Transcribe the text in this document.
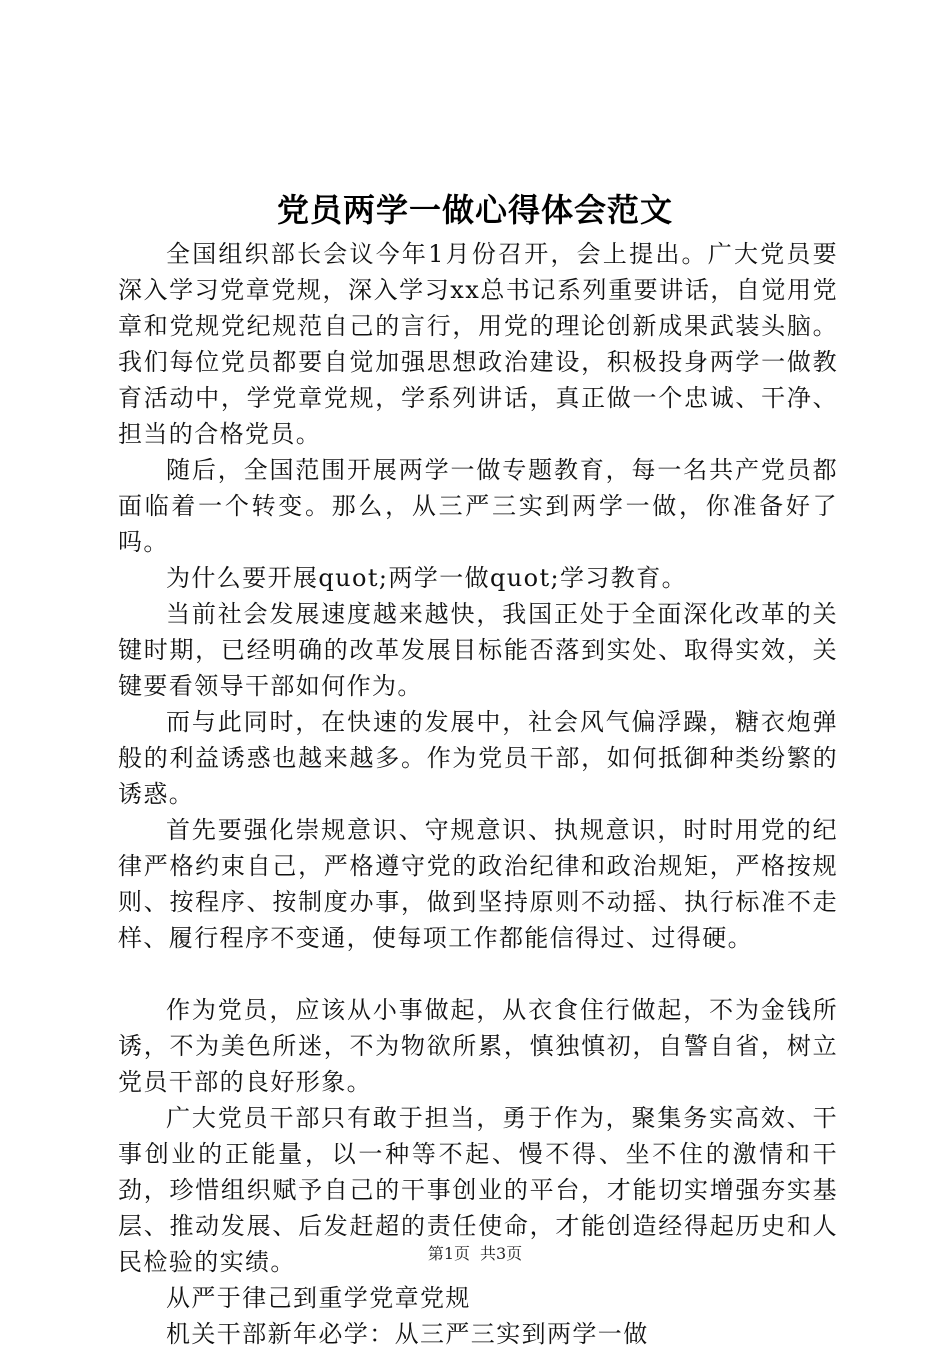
党员两学一做心得体会范文

全国组织部长会议今年1月份召开，会上提出。广大党员要深入学习党章党规，深入学习xx总书记系列重要讲话，自觉用党章和党规党纪规范自己的言行，用党的理论创新成果武装头脑。我们每位党员都要自觉加强思想政治建设，积极投身两学一做教育活动中，学党章党规，学系列讲话，真正做一个忠诚、干净、担当的合格党员。

随后，全国范围开展两学一做专题教育，每一名共产党员都面临着一个转变。那么，从三严三实到两学一做，你准备好了吗。

为什么要开展quot;两学一做quot;学习教育。

当前社会发展速度越来越快，我国正处于全面深化改革的关键时期，已经明确的改革发展目标能否落到实处、取得实效，关键要看领导干部如何作为。

而与此同时，在快速的发展中，社会风气偏浮躁，糖衣炮弹般的利益诱惑也越来越多。作为党员干部，如何抵御种类纷繁的诱惑。

首先要强化崇规意识、守规意识、执规意识，时时用党的纪律严格约束自己，严格遵守党的政治纪律和政治规矩，严格按规则、按程序、按制度办事，做到坚持原则不动摇、执行标准不走样、履行程序不变通，使每项工作都能信得过、过得硬。

作为党员，应该从小事做起，从衣食住行做起，不为金钱所诱，不为美色所迷，不为物欲所累，慎独慎初，自警自省，树立党员干部的良好形象。

广大党员干部只有敢于担当，勇于作为，聚集务实高效、干事创业的正能量，以一种等不起、慢不得、坐不住的激情和干劲，珍惜组织赋予自己的干事创业的平台，才能切实增强夯实基层、推动发展、后发赶超的责任使命，才能创造经得起历史和人民检验的实绩。

从严于律己到重学党章党规

机关干部新年必学：从三严三实到两学一做

第1页 共3页
